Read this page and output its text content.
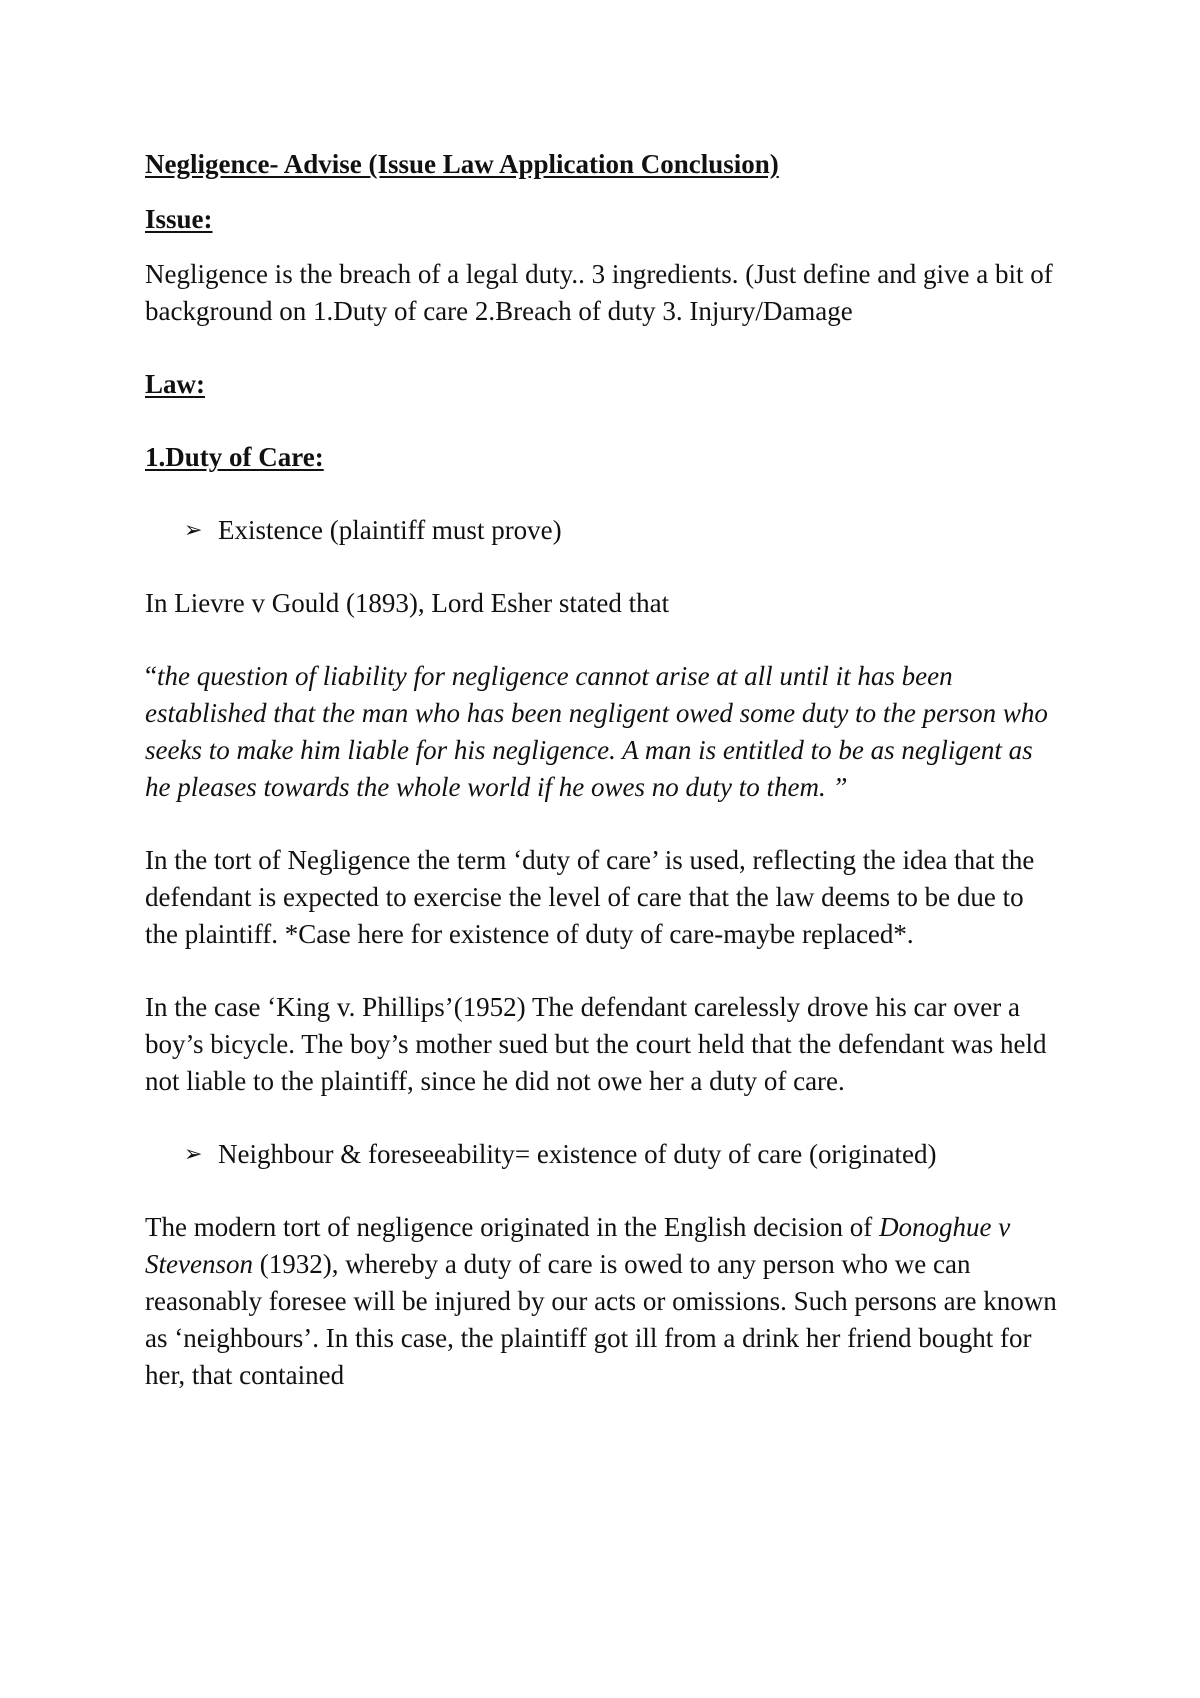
Negligence- Advise (Issue Law Application Conclusion)

Issue:

Negligence is the breach of a legal duty.. 3 ingredients. (Just define and give a bit of background on 1.Duty of care 2.Breach of duty 3. Injury/Damage

Law:

1.Duty of Care:

➢ Existence (plaintiff must prove)

In Lievre v Gould (1893), Lord Esher stated that

“the question of liability for negligence cannot arise at all until it has been established that the man who has been negligent owed some duty to the person who seeks to make him liable for his negligence. A man is entitled to be as negligent as he pleases towards the whole world if he owes no duty to them. ”

In the tort of Negligence the term ‘duty of care’ is used, reflecting the idea that the defendant is expected to exercise the level of care that the law deems to be due to the plaintiff. *Case here for existence of duty of care-maybe replaced*.

In the case ‘King v. Phillips’(1952) The defendant carelessly drove his car over a boy’s bicycle. The boy’s mother sued but the court held that the defendant was held not liable to the plaintiff, since he did not owe her a duty of care.

➢ Neighbour & foreseeability= existence of duty of care (originated)

The modern tort of negligence originated in the English decision of Donoghue v Stevenson (1932), whereby a duty of care is owed to any person who we can reasonably foresee will be injured by our acts or omissions. Such persons are known as ‘neighbours’. In this case, the plaintiff got ill from a drink her friend bought for her, that contained
